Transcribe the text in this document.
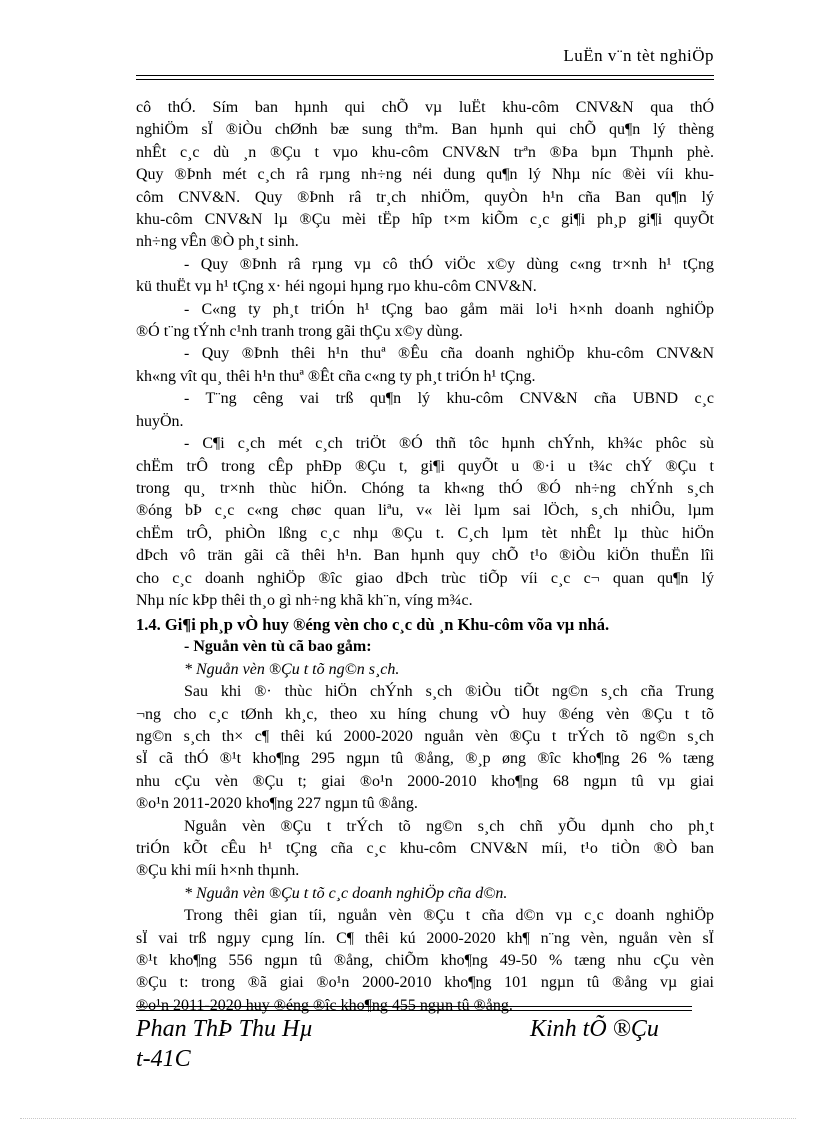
LuËn v¨n tèt nghiÖp

cô thÓ. Sím ban hµnh qui chÕ vµ luËt khu-côm CNV&N qua thÓ

nghiÖm sÏ ®iÒu chØnh bæ sung thªm. Ban hµnh qui chÕ qu¶n lý thèng

nhÊt c¸c dù ¸n ®Çu t vµo khu-côm CNV&N trªn ®Þa bµn Thµnh phè.

Quy ®Þnh mét c¸ch râ rµng nh÷ng néi dung qu¶n lý Nhµ níc ®èi víi khu-

côm CNV&N. Quy ®Þnh râ tr¸ch nhiÖm, quyÒn h¹n cña Ban qu¶n lý

khu-côm CNV&N lµ ®Çu mèi tËp hîp t×m kiÕm c¸c gi¶i ph¸p gi¶i quyÕt

nh÷ng vÊn ®Ò ph¸t sinh.

- Quy ®Þnh râ rµng vµ cô thÓ viÖc x©y dùng c«ng tr×nh h¹ tÇng

kü thuËt vµ h¹ tÇng x· héi ngoµi hµng rµo khu-côm CNV&N.

- C«ng ty ph¸t triÓn h¹ tÇng bao gåm mäi lo¹i h×nh doanh nghiÖp

®Ó t¨ng tÝnh c¹nh tranh trong gãi thÇu x©y dùng.

- Quy ®Þnh thêi h¹n thuª ®Êu cña doanh nghiÖp khu-côm CNV&N

kh«ng vît qu¸ thêi h¹n thuª ®Êt cña c«ng ty ph¸t triÓn h¹ tÇng.

- T¨ng cêng vai trß qu¶n lý khu-côm CNV&N cña UBND c¸c

huyÖn.

- C¶i c¸ch mét c¸ch triÖt ®Ó thñ tôc hµnh chÝnh, kh¾c phôc sù

chËm trÔ trong cÊp phÐp ®Çu t, gi¶i quyÕt u ®·i u t¾c chÝ ®Çu t

trong qu¸ tr×nh thùc hiÖn. Chóng ta kh«ng thÓ ®Ó nh÷ng chÝnh s¸ch

®óng bÞ c¸c c«ng chøc quan liªu, v« lèi lµm sai lÖch, s¸ch nhiÔu, lµm

chËm trÔ, phiÒn lßng c¸c nhµ ®Çu t. C¸ch lµm tèt nhÊt lµ thùc hiÖn

dÞch vô trän gãi cã thêi h¹n. Ban hµnh quy chÕ t¹o ®iÒu kiÖn thuËn lîi

cho c¸c doanh nghiÖp ®îc giao dÞch trùc tiÕp víi c¸c c¬ quan qu¶n lý

Nhµ níc kÞp thêi th¸o gì nh÷ng khã kh¨n, víng m¾c.

1.4. Gi¶i ph¸p vÒ huy ®éng vèn cho c¸c dù ¸n Khu-côm võa vµ nhá.

- Nguån vèn tù cã bao gåm:

* Nguån vèn ®Çu t tõ ng©n s¸ch.

Sau khi ®· thùc hiÖn chÝnh s¸ch ®iÒu tiÕt ng©n s¸ch cña Trung

¬ng cho c¸c tØnh kh¸c, theo xu híng chung vÒ huy ®éng vèn ®Çu t tõ

ng©n s¸ch th× c¶ thêi kú 2000-2020 nguån vèn ®Çu t trÝch tõ ng©n s¸ch

sÏ cã thÓ ®¹t kho¶ng 295 ngµn tû ®ång, ®¸p øng ®îc kho¶ng 26 % tæng

nhu cÇu vèn ®Çu t; giai ®o¹n 2000-2010 kho¶ng 68 ngµn tû vµ giai

®o¹n 2011-2020 kho¶ng 227 ngµn tû ®ång.

Nguån vèn ®Çu t trÝch tõ ng©n s¸ch chñ yÕu dµnh cho ph¸t

triÓn kÕt cÊu h¹ tÇng cña c¸c khu-côm CNV&N míi, t¹o tiÒn ®Ò ban

®Çu khi míi h×nh thµnh.

* Nguån vèn ®Çu t tõ c¸c doanh nghiÖp cña d©n.

Trong thêi gian tíi, nguån vèn ®Çu t cña d©n vµ c¸c doanh nghiÖp

sÏ vai trß ngµy cµng lín. C¶ thêi kú 2000-2020 kh¶ n¨ng vèn, nguån vèn sÏ

®¹t kho¶ng 556 ngµn tû ®ång, chiÕm kho¶ng 49-50 % tæng nhu cÇu vèn

®Çu t: trong ®ã giai ®o¹n 2000-2010 kho¶ng 101 ngµn tû ®ång vµ giai

®o¹n 2011-2020 huy ®éng ®îc kho¶ng 455 ngµn tû ®ång.

Phan ThÞ Thu Hµ	Kinh tÕ ®Çu
t-41C
